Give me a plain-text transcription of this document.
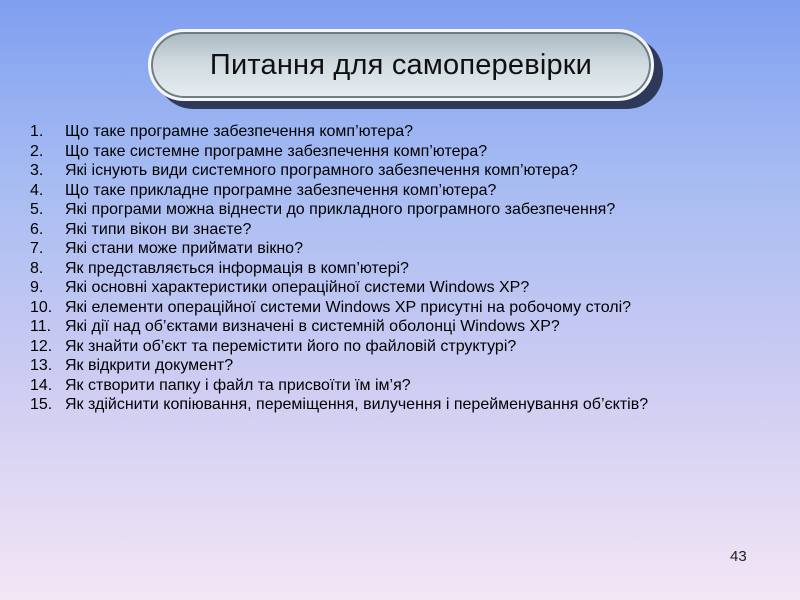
Питання для самоперевірки
1.	Що таке програмне забезпечення комп’ютера?
2.	Що таке системне програмне забезпечення комп’ютера?
3.	Які існують види системного програмного забезпечення комп’ютера?
4.	Що таке прикладне програмне забезпечення комп’ютера?
5.	Які програми можна віднести до прикладного програмного забезпечення?
6.	Які типи вікон ви знаєте?
7.	Які стани може приймати вікно?
8.	Як представляється інформація в комп’ютері?
9.	Які основні характеристики операційної системи Windows XP?
10. Які елементи операційної системи Windows XP присутні на робочому столі?
11. Які дії над об’єктами визначені в системній оболонці Windows XP?
12. Як знайти об’єкт та перемістити його по файловій структурі?
13. Як відкрити документ?
14. Як створити папку і файл та присвоїти їм ім’я?
15. Як здійснити копіювання, переміщення, вилучення і перейменування об’єктів?
43
